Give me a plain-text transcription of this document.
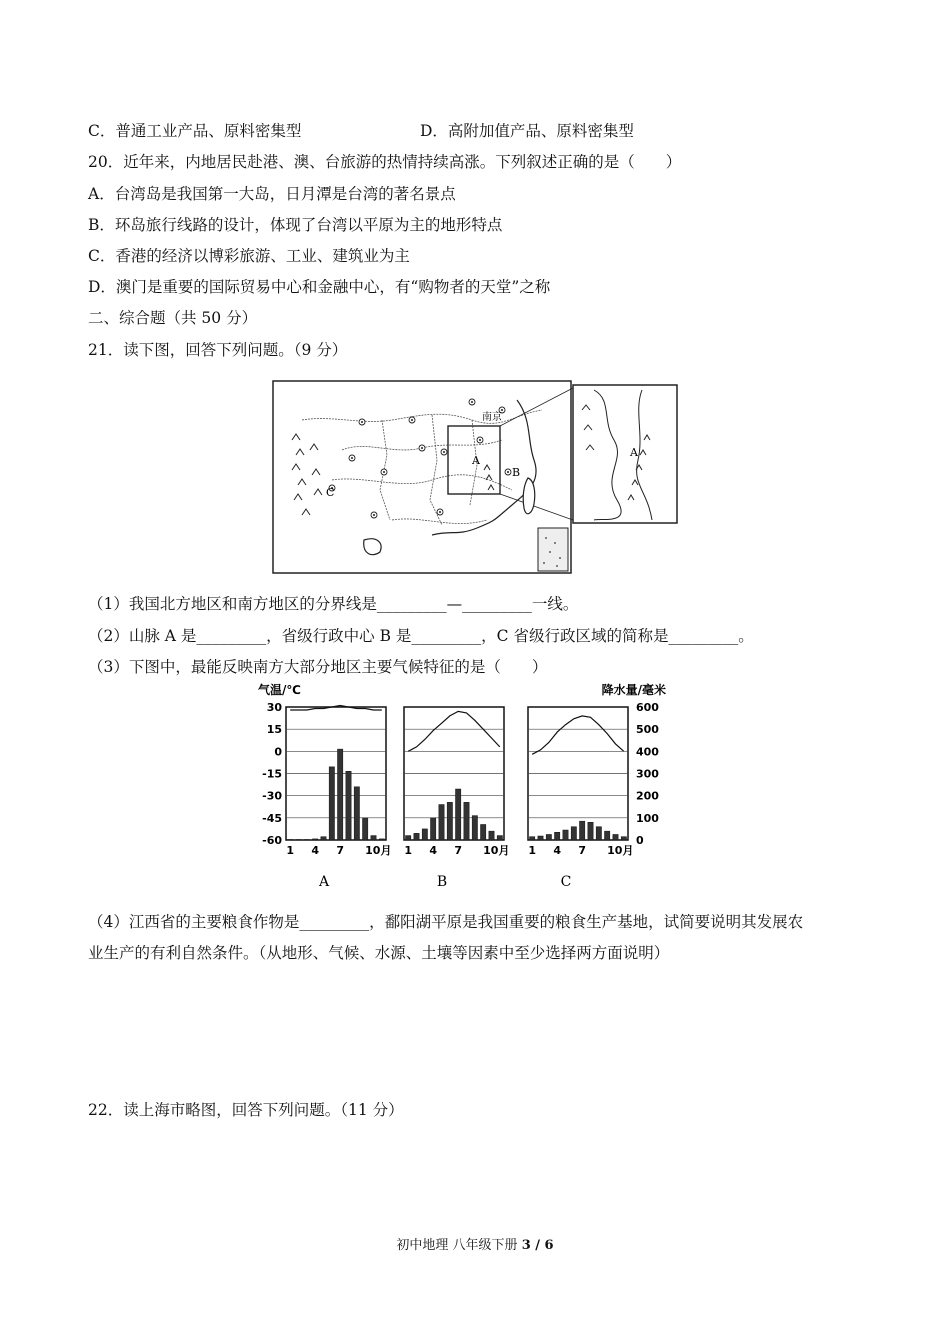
C．普通工业产品、原料密集型	D．高附加值产品、原料密集型
20．近年来，内地居民赴港、澳、台旅游的热情持续高涨。下列叙述正确的是（　　）
A．台湾岛是我国第一大岛，日月潭是台湾的著名景点
B．环岛旅行线路的设计，体现了台湾以平原为主的地形特点
C．香港的经济以博彩旅游、工业、建筑业为主
D．澳门是重要的国际贸易中心和金融中心，有“购物者的天堂”之称
二、综合题（共 50 分）
21．读下图，回答下列问题。（9 分）
南京
A
B
C
A
（1）我国北方地区和南方地区的分界线是_________—_________一线。
（2）山脉 A 是_________，省级行政中心 B 是_________，C 省级行政区域的简称是_________。
（3）下图中，最能反映南方大部分地区主要气候特征的是（　　）
气温/℃	降水量/毫米
30
15
0
-15
-30
-45
-60
600
500
400
300
200
100
0
1 4 7 10月
A
1 4 7 10月
B
1 4 7 10月
C
（4）江西省的主要粮食作物是_________，鄱阳湖平原是我国重要的粮食生产基地，试简要说明其发展农
业生产的有利自然条件。（从地形、气候、水源、土壤等因素中至少选择两方面说明）
22．读上海市略图，回答下列问题。（11 分）
初中地理 八年级下册 3 / 6
